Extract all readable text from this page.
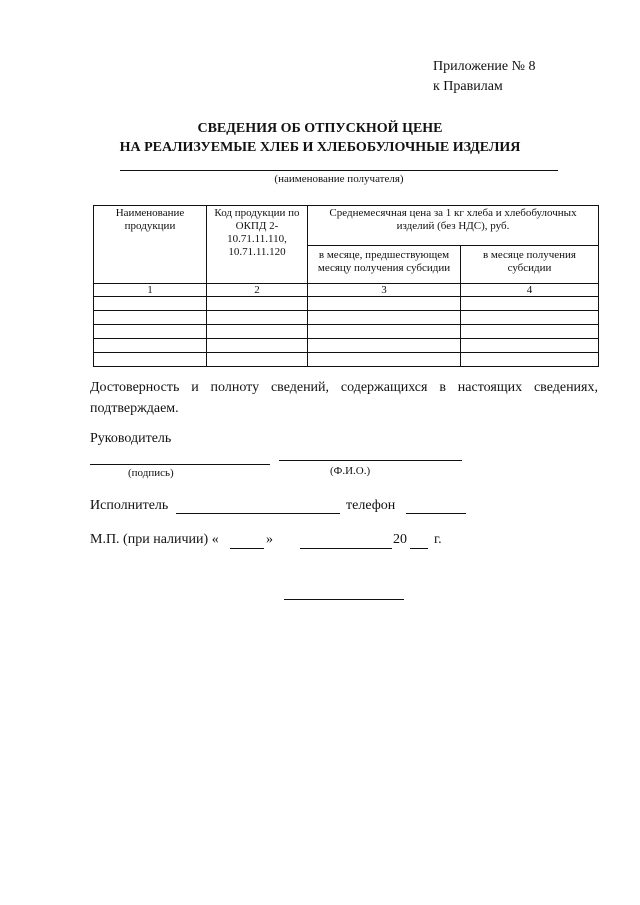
Приложение № 8
к Правилам
СВЕДЕНИЯ ОБ ОТПУСКНОЙ ЦЕНЕ
НА РЕАЛИЗУЕМЫЕ ХЛЕБ И ХЛЕБОБУЛОЧНЫЕ ИЗДЕЛИЯ
(наименование получателя)
Наименование продукции	Код продукции по ОКПД 2-10.71.11.110, 10.71.11.120	Среднемесячная цена за 1 кг хлеба и хлебобулочных изделий (без НДС), руб.	
		в месяце, предшествующем месяцу получения субсидии	в месяце получения субсидии
1	2	3	4

Достоверность и полноту сведений, содержащихся в настоящих сведениях, подтверждаем.
Руководитель
(подпись)	(Ф.И.О.)
Исполнитель	телефон
М.П. (при наличии) «	»	20 г.
